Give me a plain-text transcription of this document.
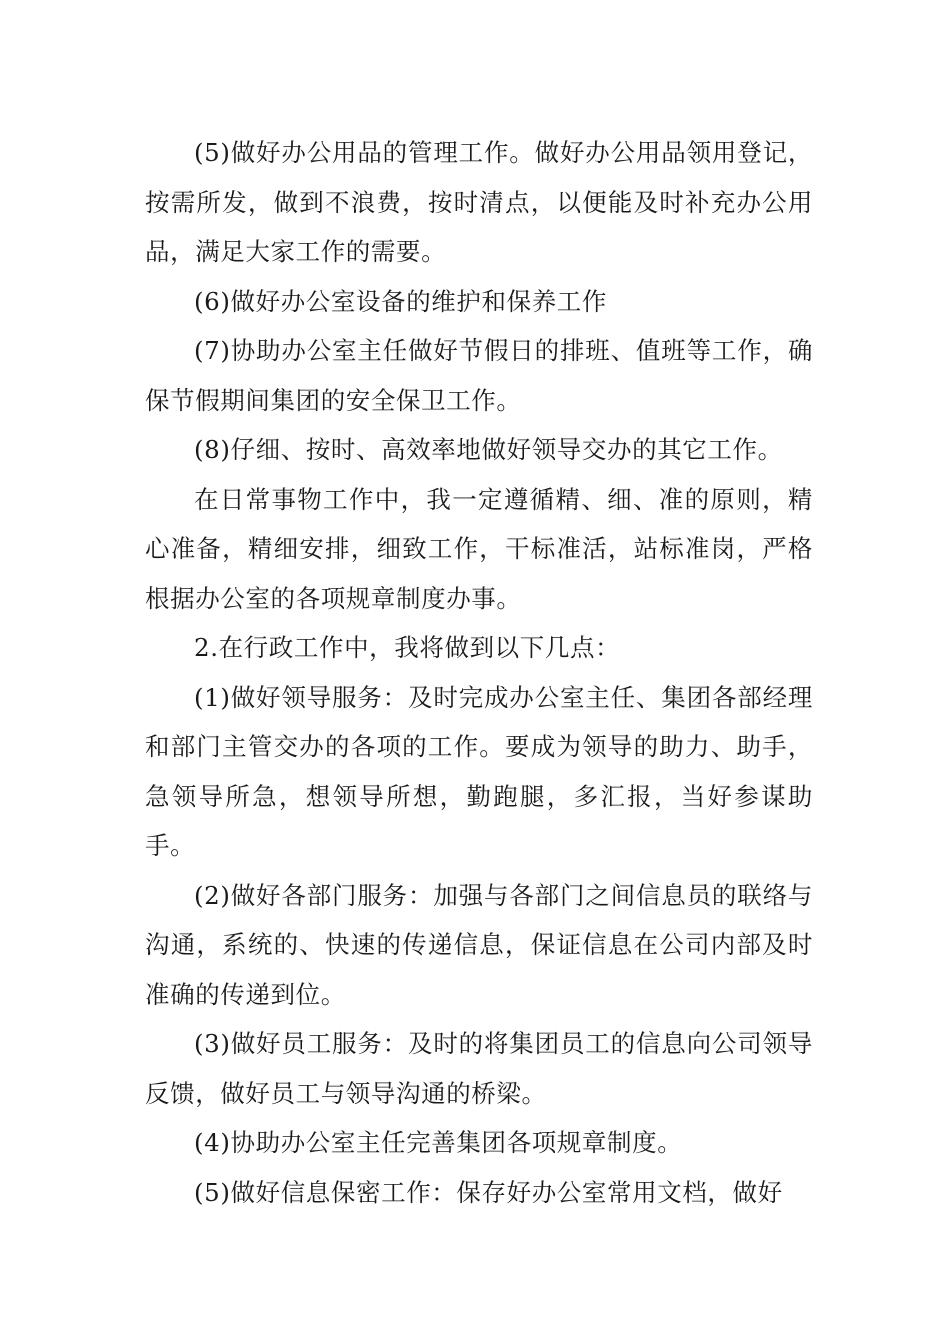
(5)做好办公用品的管理工作。做好办公用品领用登记，按需所发，做到不浪费，按时清点，以便能及时补充办公用品，满足大家工作的需要。

(6)做好办公室设备的维护和保养工作

(7)协助办公室主任做好节假日的排班、值班等工作，确保节假期间集团的安全保卫工作。

(8)仔细、按时、高效率地做好领导交办的其它工作。

在日常事物工作中，我一定遵循精、细、准的原则，精心准备，精细安排，细致工作，干标准活，站标准岗，严格根据办公室的各项规章制度办事。

2.在行政工作中，我将做到以下几点：

(1)做好领导服务：及时完成办公室主任、集团各部经理和部门主管交办的各项的工作。要成为领导的助力、助手，急领导所急，想领导所想，勤跑腿，多汇报，当好参谋助手。

(2)做好各部门服务：加强与各部门之间信息员的联络与沟通，系统的、快速的传递信息，保证信息在公司内部及时准确的传递到位。

(3)做好员工服务：及时的将集团员工的信息向公司领导反馈，做好员工与领导沟通的桥梁。

(4)协助办公室主任完善集团各项规章制度。

(5)做好信息保密工作：保存好办公室常用文档，做好
